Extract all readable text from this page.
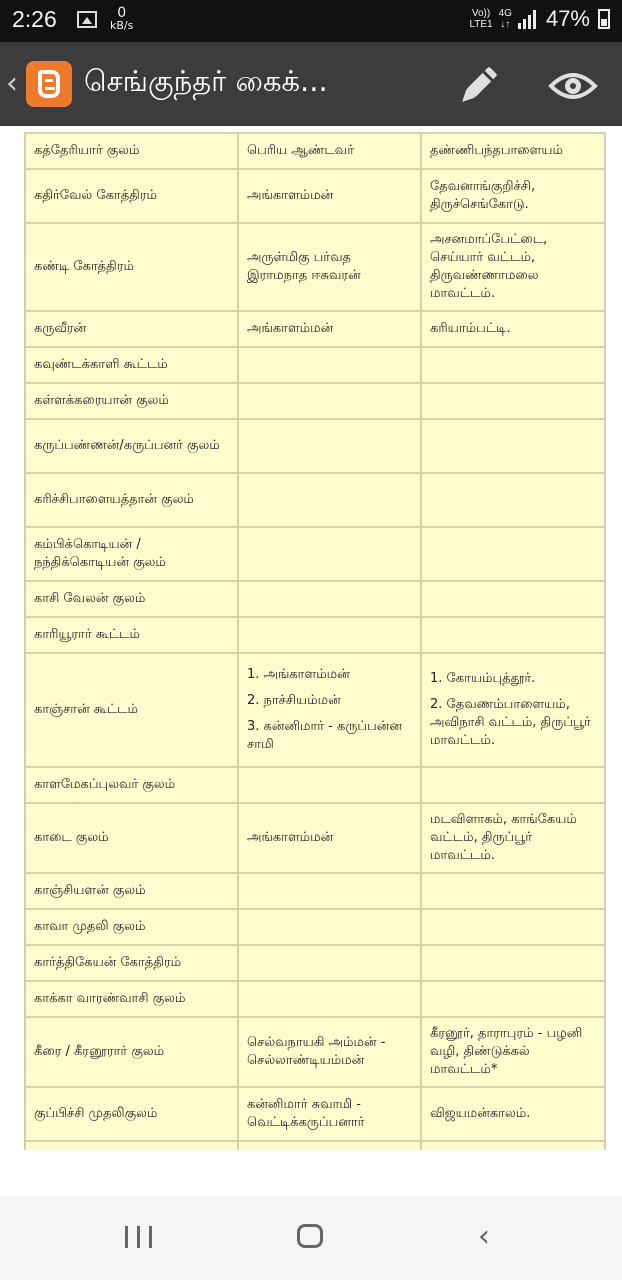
2:26	0
kB/s
Vo))
LTE1
4G
↓↑ 47%
‹ செங்குந்தர் கைக்...
கத்தேரியார் குலம்	பெரிய ஆண்டவர்	தண்ணிபந்தபாளையம்

கதிர்வேல் கோத்திரம்	அங்காளம்மன்	தேவனாங்குறிச்சி, திருச்செங்கோடு.

கண்டி கோத்திரம்	அருள்மிகு பர்வத இராமநாத ஈசுவரன்	அசனமாப்பேட்டை, செய்யார் வட்டம், திருவண்ணாமலை மாவட்டம்.

கருவீரன்	அங்காளம்மன்	கரியாம்பட்டி.

கவுண்டக்காளி கூட்டம்		
கள்ளக்கரையான் குலம்		
கருப்பண்ணன்/கருப்பனர் குலம்		
கரிச்சிபாளையத்தான் குலம்		
கம்பிக்கொடியன் / நந்திக்கொடியன் குலம்		
காசி வேலன் குலம்		
காரியூரார் கூட்டம்		
காஞ்சான் கூட்டம்	1. அங்காளம்மன்
2. நாச்சியம்மன்
3. கன்னிமார் - கருப்பன்ன சாமி	1. கோயம்புத்தூர்.
2. தேவணம்பாளையம், அவிநாசி வட்டம், திருப்பூர் மாவட்டம்.

காளமேகப்புலவர் குலம்		
காடை குலம்	அங்காளம்மன்	மடவிளாகம், காங்கேயம் வட்டம், திருப்பூர் மாவட்டம்.

காஞ்சியளன் குலம்		
காவா முதலி குலம்		
கார்த்திகேயன் கோத்திரம்		
காக்கா வாரண்வாசி குலம்		
கீரை / கீரனூரார் குலம்	செல்வநாயகி அம்மன் - செல்லாண்டியம்மன்	கீரனூர், தாராபுரம் - பழனி வழி, திண்டுக்கல் மாவட்டம்*

குப்பிச்சி முதலிகுலம்	கன்னிமார் சுவாமி - வெட்டிக்கருப்பனார்	விஜயமன்காலம்.

‹
